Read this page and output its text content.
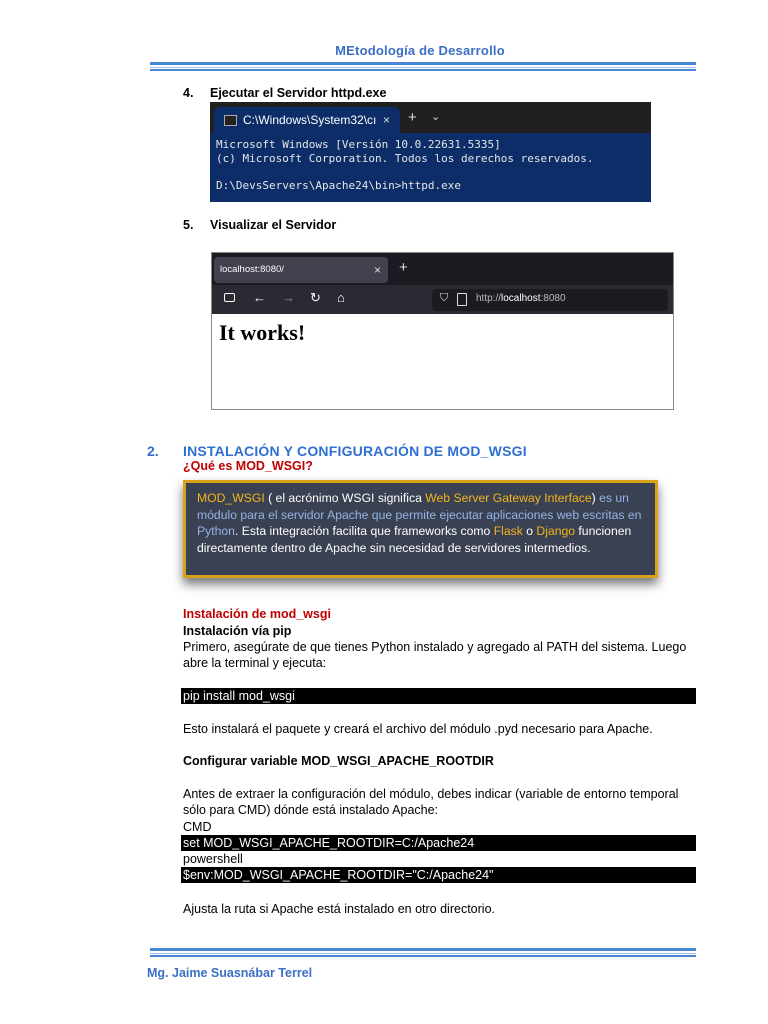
MEtodología de Desarrollo
4. Ejecutar el Servidor httpd.exe
C:\Windows\System32\cı × + ⌄
Microsoft Windows [Versión 10.0.22631.5335]
(c) Microsoft Corporation. Todos los derechos reservados.
D:\DevsServers\Apache24\bin>httpd.exe
5. Visualizar el Servidor
localhost:8080/	× +
← → ↻ ⌂	⛉	http://localhost:8080
It works!
2. INSTALACIÓN Y CONFIGURACIÓN DE MOD_WSGI
¿Qué es MOD_WSGI?
MOD_WSGI ( el acrónimo WSGI significa Web Server Gateway Interface) es un módulo para el servidor Apache que permite ejecutar aplicaciones web escritas en Python. Esta integración facilita que frameworks como Flask o Django funcionen directamente dentro de Apache sin necesidad de servidores intermedios.
Instalación de mod_wsgi
Instalación vía pip
Primero, asegúrate de que tienes Python instalado y agregado al PATH del sistema. Luego abre la terminal y ejecuta:
pip install mod_wsgi
Esto instalará el paquete y creará el archivo del módulo .pyd necesario para Apache.
Configurar variable MOD_WSGI_APACHE_ROOTDIR
Antes de extraer la configuración del módulo, debes indicar (variable de entorno temporal sólo para CMD) dónde está instalado Apache:
CMD
set MOD_WSGI_APACHE_ROOTDIR=C:/Apache24
powershell
$env:MOD_WSGI_APACHE_ROOTDIR="C:/Apache24"
Ajusta la ruta si Apache está instalado en otro directorio.
Mg. Jaime Suasnábar Terrel
